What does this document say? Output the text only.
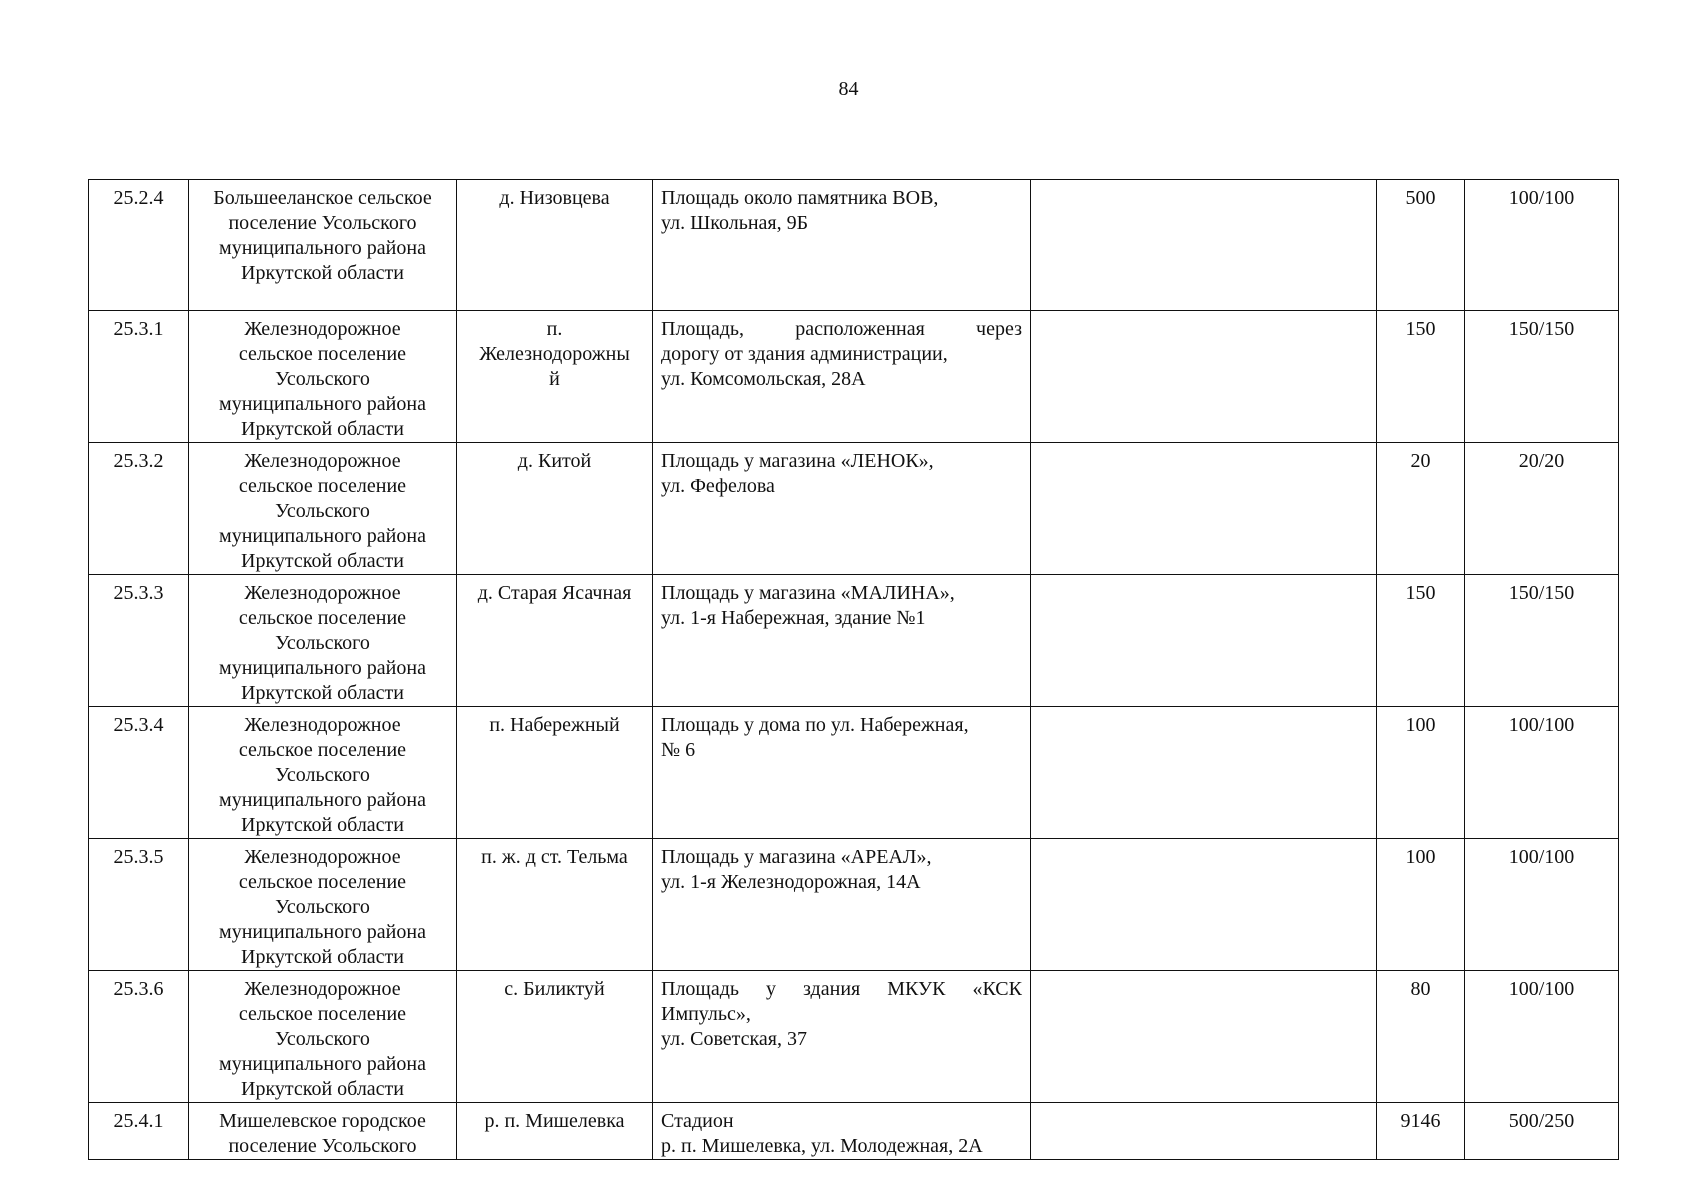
84
25.2.4	Большееланское сельское
поселение Усольского
муниципального района
Иркутской области	д. Низовцева	Площадь около памятника ВОВ,
ул. Школьная, 9Б		500	100/100
25.3.1	Железнодорожное
сельское поселение
Усольского
муниципального района
Иркутской области	п.
Железнодорожны
й	Площадь, расположенная через
дорогу от здания администрации,
ул. Комсомольская, 28А		150	150/150
25.3.2	Железнодорожное
сельское поселение
Усольского
муниципального района
Иркутской области	д. Китой	Площадь у магазина «ЛЕНОК»,
ул. Фефелова		20	20/20
25.3.3	Железнодорожное
сельское поселение
Усольского
муниципального района
Иркутской области	д. Старая Ясачная	Площадь у магазина «МАЛИНА»,
ул. 1-я Набережная, здание №1		150	150/150
25.3.4	Железнодорожное
сельское поселение
Усольского
муниципального района
Иркутской области	п. Набережный	Площадь у дома по ул. Набережная,
№ 6		100	100/100
25.3.5	Железнодорожное
сельское поселение
Усольского
муниципального района
Иркутской области	п. ж. д ст. Тельма	Площадь у магазина «АРЕАЛ»,
ул. 1-я Железнодорожная, 14А		100	100/100
25.3.6	Железнодорожное
сельское поселение
Усольского
муниципального района
Иркутской области	с. Биликтуй	Площадь у здания МКУК «КСК
Импульс»,
ул. Советская, 37		80	100/100
25.4.1	Мишелевское городское
поселение Усольского	р. п. Мишелевка	Стадион
р. п. Мишелевка, ул. Молодежная, 2А		9146	500/250
